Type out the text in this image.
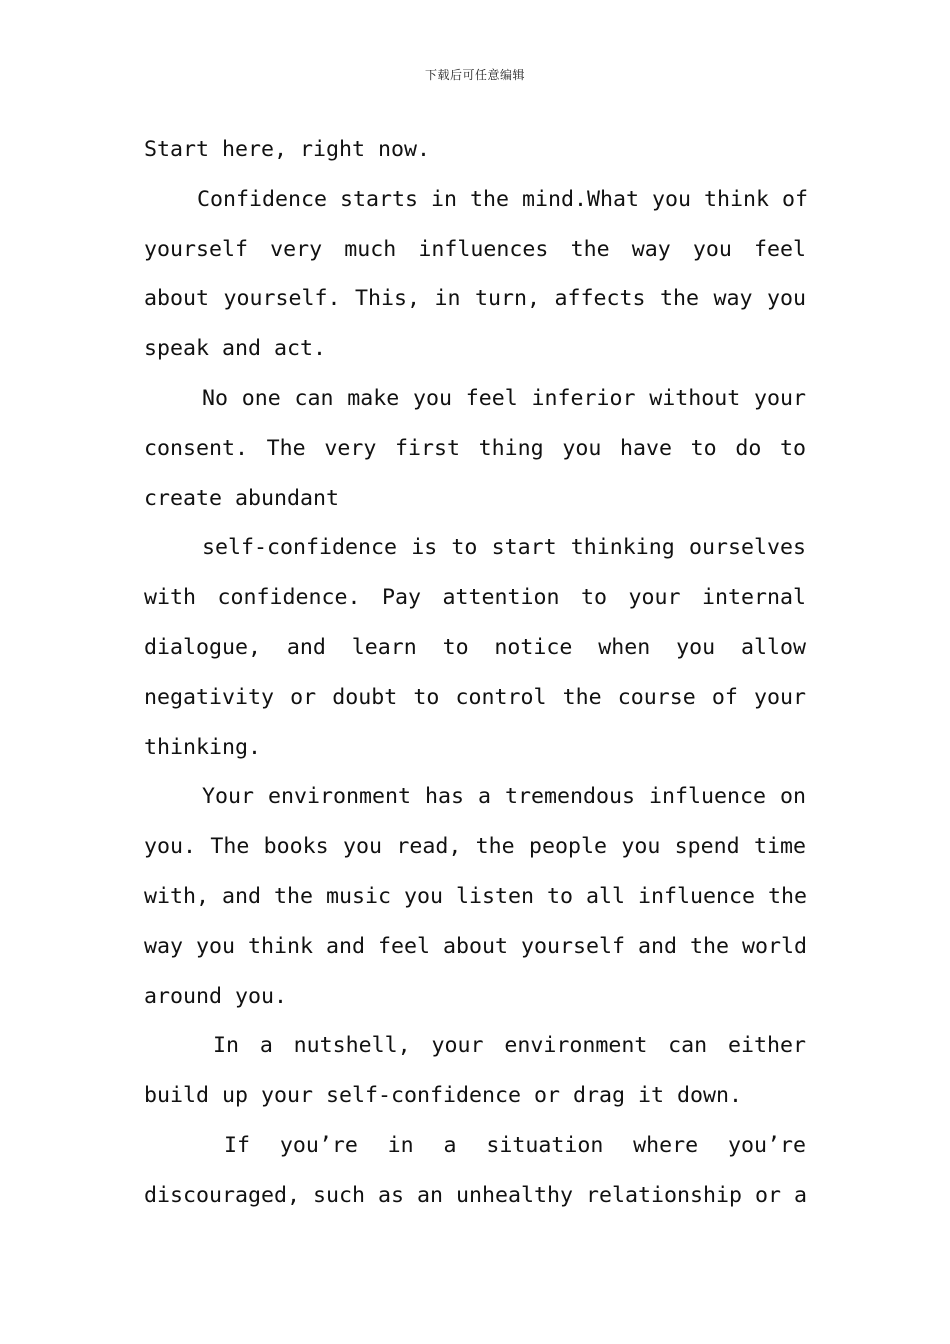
下载后可任意编辑
Start here, right now.
Confidence starts in the mind.What you think of
yourself very much influences the way you feel
about yourself. This, in turn, affects the way you
speak and act.
No one can make you feel inferior without your
consent. The very first thing you have to do to
create abundant
self-confidence is to start thinking ourselves
with confidence. Pay attention to your internal
dialogue, and learn to notice when you allow
negativity or doubt to control the course of your
thinking.
Your environment has a tremendous influence on
you. The books you read, the people you spend time
with, and the music you listen to all influence the
way you think and feel about yourself and the world
around you.
In a nutshell, your environment can either
build up your self-confidence or drag it down.
If you’re in a situation where you’re
discouraged, such as an unhealthy relationship or a
